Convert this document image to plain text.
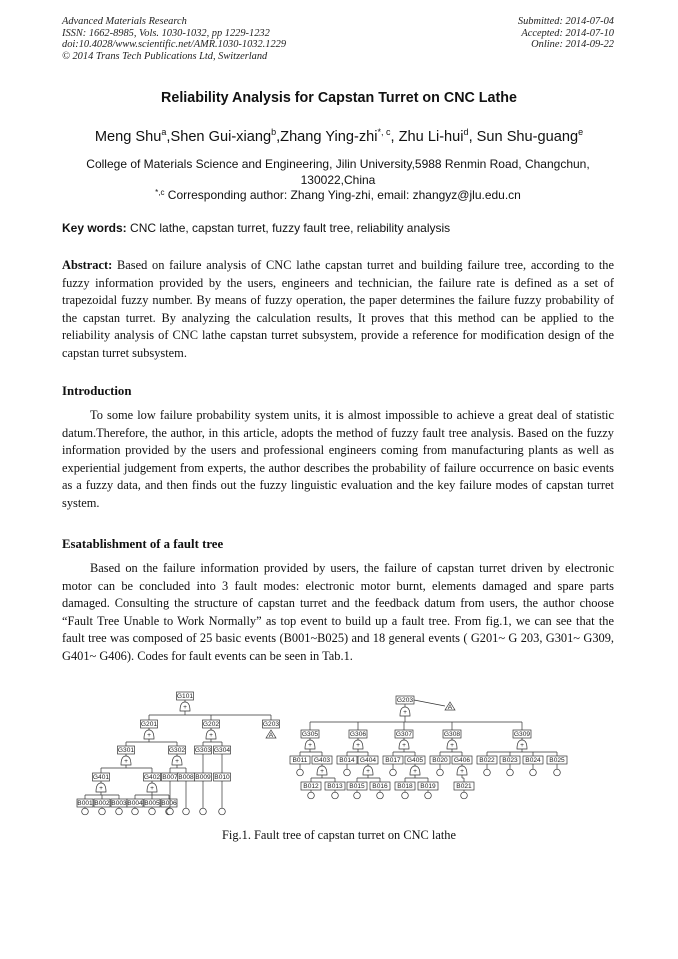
Advanced Materials Research
ISSN: 1662-8985, Vols. 1030-1032, pp 1229-1232
doi:10.4028/www.scientific.net/AMR.1030-1032.1229
© 2014 Trans Tech Publications Ltd, Switzerland
Submitted: 2014-07-04
Accepted: 2014-07-10
Online: 2014-09-22
Reliability Analysis for Capstan Turret on CNC Lathe
Meng Shu$^a$,Shen Gui-xiang$^b$,Zhang Ying-zhi$^{*, c}$, Zhu Li-hui$^d$, Sun Shu-guang$^e$
College of Materials Science and Engineering, Jilin University,5988 Renmin Road, Changchun,
130022,China
$^{*,c}$ Corresponding author: Zhang Ying-zhi, email: zhangyz@jlu.edu.cn
Key words: CNC lathe, capstan turret, fuzzy fault tree, reliability analysis
Abstract: Based on failure analysis of CNC lathe capstan turret and building failure tree, according to the fuzzy information provided by the users, engineers and technician, the failure rate is defined as a set of trapezoidal fuzzy number. By means of fuzzy operation, the paper determines the failure fuzzy probability of the capstan turret. By analyzing the calculation results, It proves that this method can be applied to the reliability analysis of CNC lathe capstan turret subsystem, provide a reference for modification design of the capstan turret subsystem.
Introduction
To some low failure probability system units, it is almost impossible to achieve a great deal of statistic datum.Therefore, the author, in this article, adopts the method of fuzzy fault tree analysis. Based on the fuzzy information provided by the users and professional engineers coming from manufacturing plants as well as experiential judgement from experts, the author describes the probability of failure occurrence on basic events as a fuzzy data, and then finds out the fuzzy linguistic evaluation and the key failure modes of capstan turret system.
Esatablishment of a fault tree
Based on the failure information provided by users, the failure of capstan turret driven by electronic motor can be concluded into 3 fault modes: electronic motor burnt, elements damaged and spare parts damaged. Consulting the structure of capstan turret and the feedback datum from users, the author choose “Fault Tree Unable to Work Normally” as top event to build up a fault tree. From fig.1, we can see that the fault tree was composed of 25 basic events (B001~B025) and 18 general events ( G201~ G 203, G301~ G309, G401~ G406). Codes for fault events can be seen in Tab.1.
G101
+
G201	G202	G203
A
+
G301	G302
+
G303 G304
+
G401	G402
+
B007 B008 B009 B010
+	+
B001 B002 B003 B004 B005 B006
G203
A
+
G305	G306	G307	G308	G309
+	+	+	+	+
B011 G403 B014 G404 B017 G405 B020 G406 B022 B023 B024 B025
+	+	+	+
B012 B013 B015 B016 B018 B019	B021
Fig.1. Fault tree of capstan turret on CNC lathe
